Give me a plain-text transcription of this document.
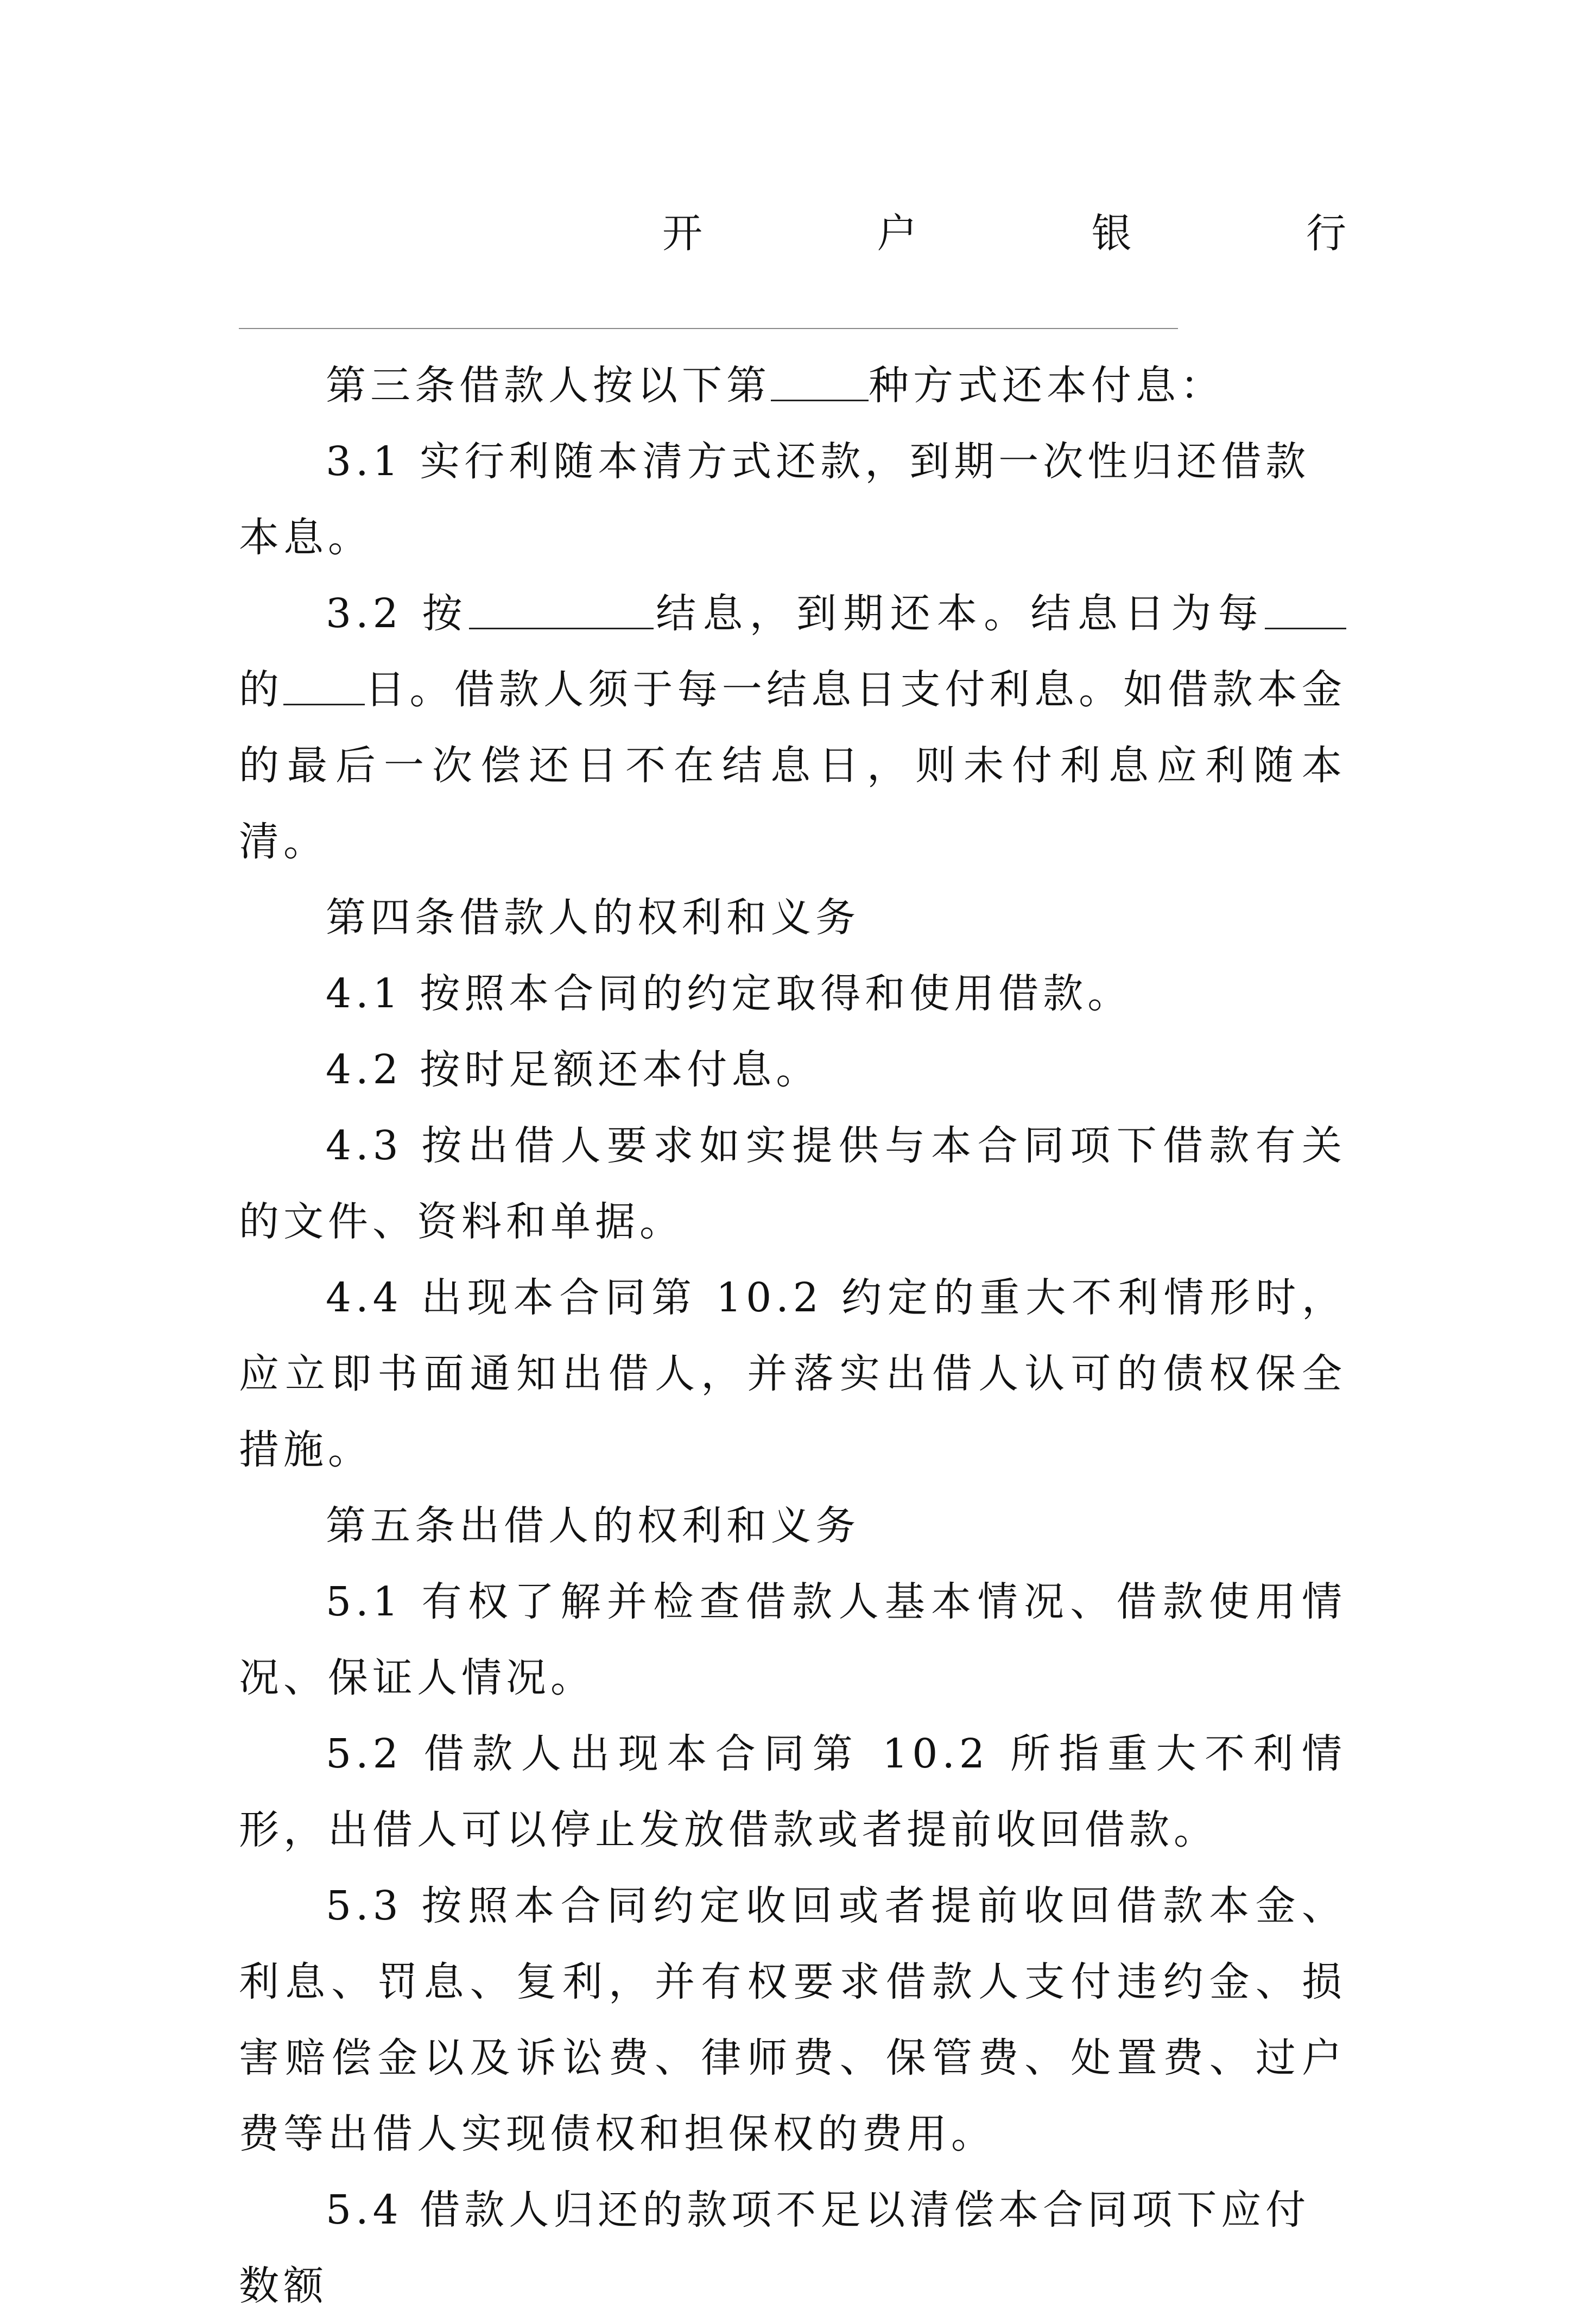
开	户	银	行

第三条借款人按以下第 种方式还本付息：

3.1 实行利随本清方式还款，到期一次性归还借款本息。

3.2 按	结息，到期还本。结息日为每的 日。借款人须于每一结息日支付利息。如借款本金的最后一次偿还日不在结息日，则未付利息应利随本清。

第四条借款人的权利和义务

4.1 按照本合同的约定取得和使用借款。

4.2 按时足额还本付息。

4.3 按出借人要求如实提供与本合同项下借款有关的文件、资料和单据。

4.4 出现本合同第 10.2 约定的重大不利情形时，应立即书面通知出借人，并落实出借人认可的债权保全措施。

第五条出借人的权利和义务

5.1 有权了解并检查借款人基本情况、借款使用情况、保证人情况。

5.2 借款人出现本合同第 10.2 所指重大不利情形，出借人可以停止发放借款或者提前收回借款。

5.3 按照本合同约定收回或者提前收回借款本金、利息、罚息、复利，并有权要求借款人支付违约金、损害赔偿金以及诉讼费、律师费、保管费、处置费、过户费等出借人实现债权和担保权的费用。

5.4 借款人归还的款项不足以清偿本合同项下应付数额
